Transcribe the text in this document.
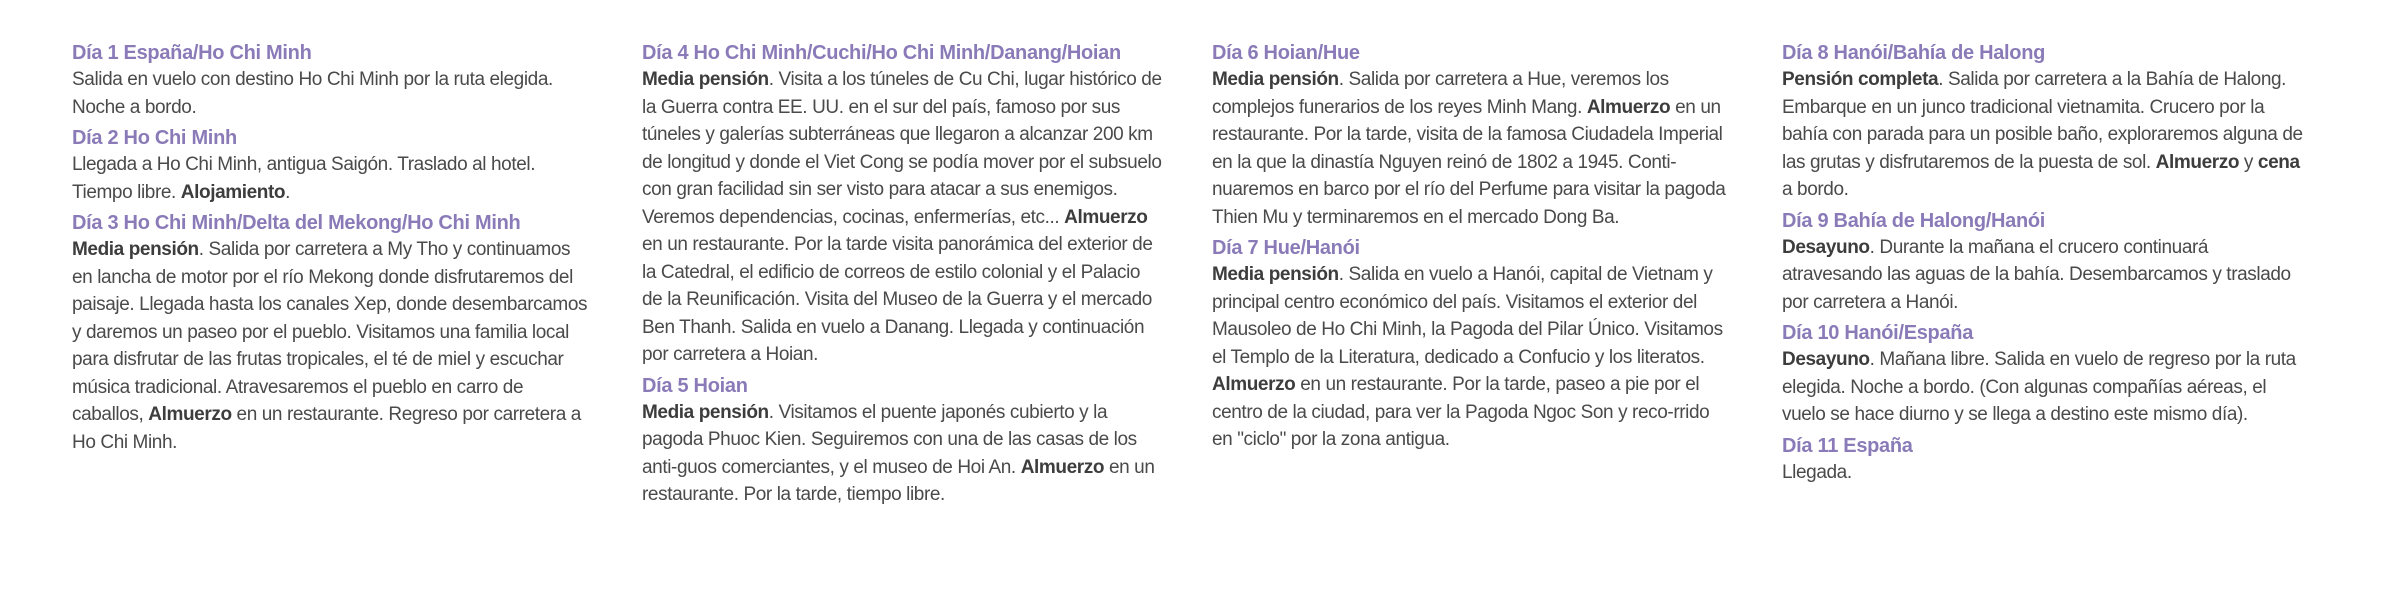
Día 1 España/Ho Chi Minh

Salida en vuelo con destino Ho Chi Minh por la ruta elegida. Noche a bordo.

Día 2 Ho Chi Minh

Llegada a Ho Chi Minh, antigua Saigón. Traslado al hotel. Tiempo libre. Alojamiento.

Día 3 Ho Chi Minh/Delta del Mekong/Ho Chi Minh

Media pensión. Salida por carretera a My Tho y continuamos en lancha de motor por el río Mekong donde disfrutaremos del paisaje. Llegada hasta los canales Xep, donde desembarcamos y daremos un paseo por el pueblo. Visitamos una familia local para disfrutar de las frutas tropicales, el té de miel y escuchar música tradicional. Atravesaremos el pueblo en carro de caballos, Almuerzo en un restaurante. Regreso por carretera a Ho Chi Minh.

Día 4 Ho Chi Minh/Cuchi/Ho Chi Minh/Danang/Hoian

Media pensión. Visita a los túneles de Cu Chi, lugar histórico de la Guerra contra EE. UU. en el sur del país, famoso por sus túneles y galerías subterráneas que llegaron a alcanzar 200 km de longitud y donde el Viet Cong se podía mover por el subsuelo con gran facilidad sin ser visto para atacar a sus enemigos. Veremos dependencias, cocinas, enfermerías, etc... Almuerzo en un restaurante. Por la tarde visita panorámica del exterior de la Catedral, el edificio de correos de estilo colonial y el Palacio de la Reunificación. Visita del Museo de la Guerra y el mercado Ben Thanh. Salida en vuelo a Danang. Llegada y continuación por carretera a Hoian.

Día 5 Hoian

Media pensión. Visitamos el puente japonés cubierto y la pagoda Phuoc Kien. Seguiremos con una de las casas de los anti-guos comerciantes, y el museo de Hoi An. Almuerzo en un restaurante. Por la tarde, tiempo libre.

Día 6 Hoian/Hue

Media pensión. Salida por carretera a Hue, veremos los complejos funerarios de los reyes Minh Mang. Almuerzo en un restaurante. Por la tarde, visita de la famosa Ciudadela Imperial en la que la dinastía Nguyen reinó de 1802 a 1945. Conti-nuaremos en barco por el río del Perfume para visitar la pagoda Thien Mu y terminaremos en el mercado Dong Ba.

Día 7 Hue/Hanói

Media pensión. Salida en vuelo a Hanói, capital de Vietnam y principal centro económico del país. Visitamos el exterior del Mausoleo de Ho Chi Minh, la Pagoda del Pilar Único. Visitamos el Templo de la Literatura, dedicado a Confucio y los literatos. Almuerzo en un restaurante. Por la tarde, paseo a pie por el centro de la ciudad, para ver la Pagoda Ngoc Son y reco-rrido en "ciclo" por la zona antigua.

Día 8 Hanói/Bahía de Halong

Pensión completa. Salida por carretera a la Bahía de Halong. Embarque en un junco tradicional vietnamita. Crucero por la bahía con parada para un posible baño, exploraremos alguna de las grutas y disfrutaremos de la puesta de sol. Almuerzo y cena a bordo.

Día 9 Bahía de Halong/Hanói

Desayuno. Durante la mañana el crucero continuará atravesando las aguas de la bahía. Desembarcamos y traslado por carretera a Hanói.

Día 10 Hanói/España

Desayuno. Mañana libre. Salida en vuelo de regreso por la ruta elegida. Noche a bordo. (Con algunas compañías aéreas, el vuelo se hace diurno y se llega a destino este mismo día).

Día 11 España

Llegada.
